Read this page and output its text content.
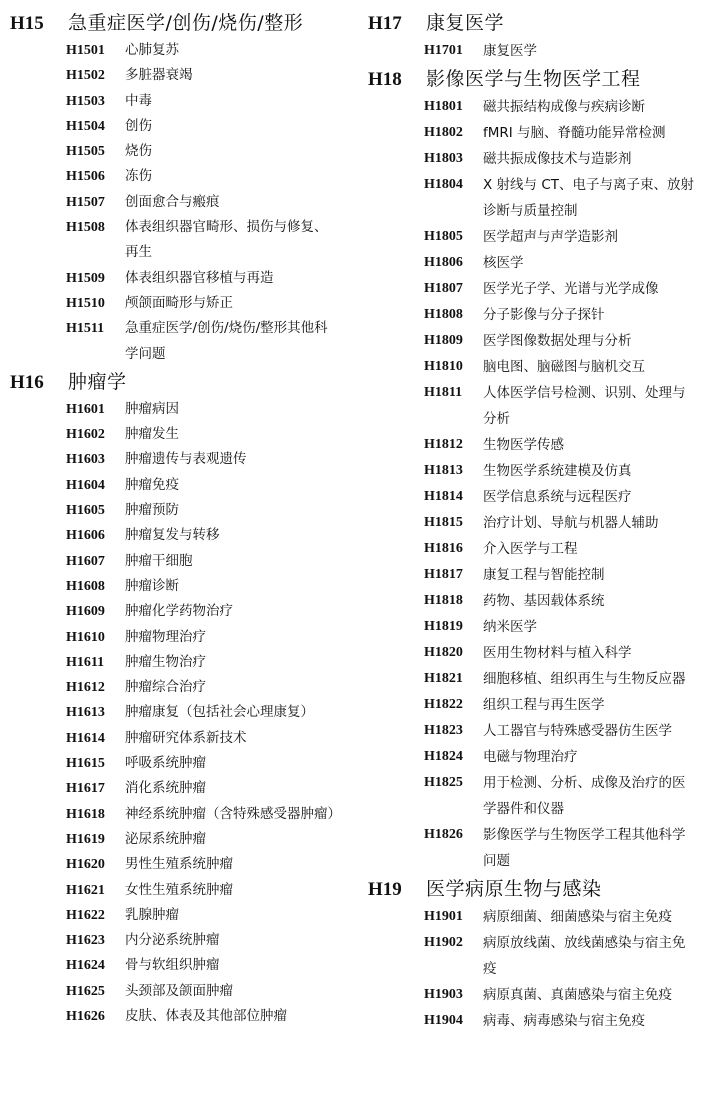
H15	急重症医学/创伤/烧伤/整形
H1501	心肺复苏
H1502	多脏器衰竭
H1503	中毒
H1504	创伤
H1505	烧伤
H1506	冻伤
H1507	创面愈合与瘢痕
H1508	体表组织器官畸形、损伤与修复、再生
H1509	体表组织器官移植与再造
H1510	颅颌面畸形与矫正
H1511	急重症医学/创伤/烧伤/整形其他科学问题
H16	肿瘤学
H1601	肿瘤病因
H1602	肿瘤发生
H1603	肿瘤遗传与表观遗传
H1604	肿瘤免疫
H1605	肿瘤预防
H1606	肿瘤复发与转移
H1607	肿瘤干细胞
H1608	肿瘤诊断
H1609	肿瘤化学药物治疗
H1610	肿瘤物理治疗
H1611	肿瘤生物治疗
H1612	肿瘤综合治疗
H1613	肿瘤康复（包括社会心理康复）
H1614	肿瘤研究体系新技术
H1615	呼吸系统肿瘤
H1617	消化系统肿瘤
H1618	神经系统肿瘤（含特殊感受器肿瘤）
H1619	泌尿系统肿瘤
H1620	男性生殖系统肿瘤
H1621	女性生殖系统肿瘤
H1622	乳腺肿瘤
H1623	内分泌系统肿瘤
H1624	骨与软组织肿瘤
H1625	头颈部及颌面肿瘤
H1626	皮肤、体表及其他部位肿瘤
H17	康复医学
H1701	康复医学
H18	影像医学与生物医学工程
H1801	磁共振结构成像与疾病诊断
H1802	fMRI 与脑、脊髓功能异常检测
H1803	磁共振成像技术与造影剂
H1804	X 射线与 CT、电子与离子束、放射诊断与质量控制
H1805	医学超声与声学造影剂
H1806	核医学
H1807	医学光子学、光谱与光学成像
H1808	分子影像与分子探针
H1809	医学图像数据处理与分析
H1810	脑电图、脑磁图与脑机交互
H1811	人体医学信号检测、识别、处理与分析
H1812	生物医学传感
H1813	生物医学系统建模及仿真
H1814	医学信息系统与远程医疗
H1815	治疗计划、导航与机器人辅助
H1816	介入医学与工程
H1817	康复工程与智能控制
H1818	药物、基因载体系统
H1819	纳米医学
H1820	医用生物材料与植入科学
H1821	细胞移植、组织再生与生物反应器
H1822	组织工程与再生医学
H1823	人工器官与特殊感受器仿生医学
H1824	电磁与物理治疗
H1825	用于检测、分析、成像及治疗的医学器件和仪器
H1826	影像医学与生物医学工程其他科学问题
H19	医学病原生物与感染
H1901	病原细菌、细菌感染与宿主免疫
H1902	病原放线菌、放线菌感染与宿主免疫
H1903	病原真菌、真菌感染与宿主免疫
H1904	病毒、病毒感染与宿主免疫
